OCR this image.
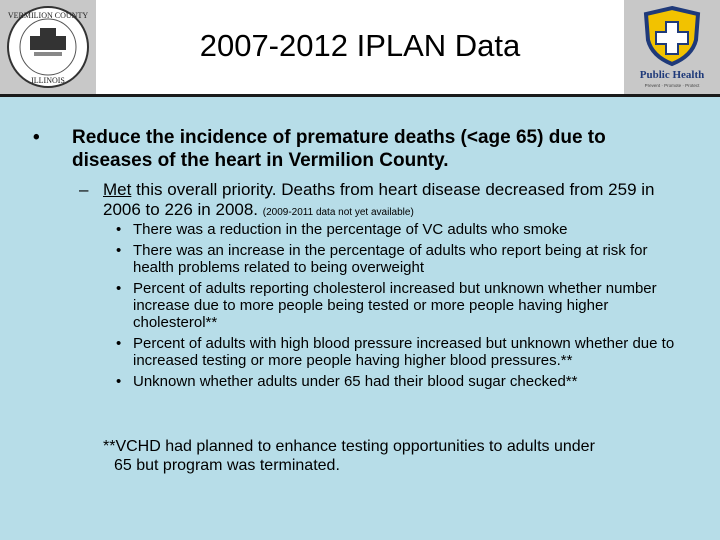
VERMILION COUNTY
ILLINOIS
2007-2012 IPLAN Data
Public Health
Prevent · Promote · Protect
• Reduce the incidence of premature deaths (<age 65) due to diseases of the heart in Vermilion County.
– Met this overall priority. Deaths from heart disease decreased from 259 in 2006 to 226 in 2008. (2009-2011 data not yet available)
• There was a reduction in the percentage of VC adults who smoke
• There was an increase in the percentage of adults who report being at risk for health problems related to being overweight
• Percent of adults reporting cholesterol increased but unknown whether number increase due to more people being tested or more people having higher cholesterol**
• Percent of adults with high blood pressure increased but unknown whether due to increased testing or more people having higher blood pressures.**
• Unknown whether adults under 65 had their blood sugar checked**
**VCHD had planned to enhance testing opportunities to adults under
65 but program was terminated.
